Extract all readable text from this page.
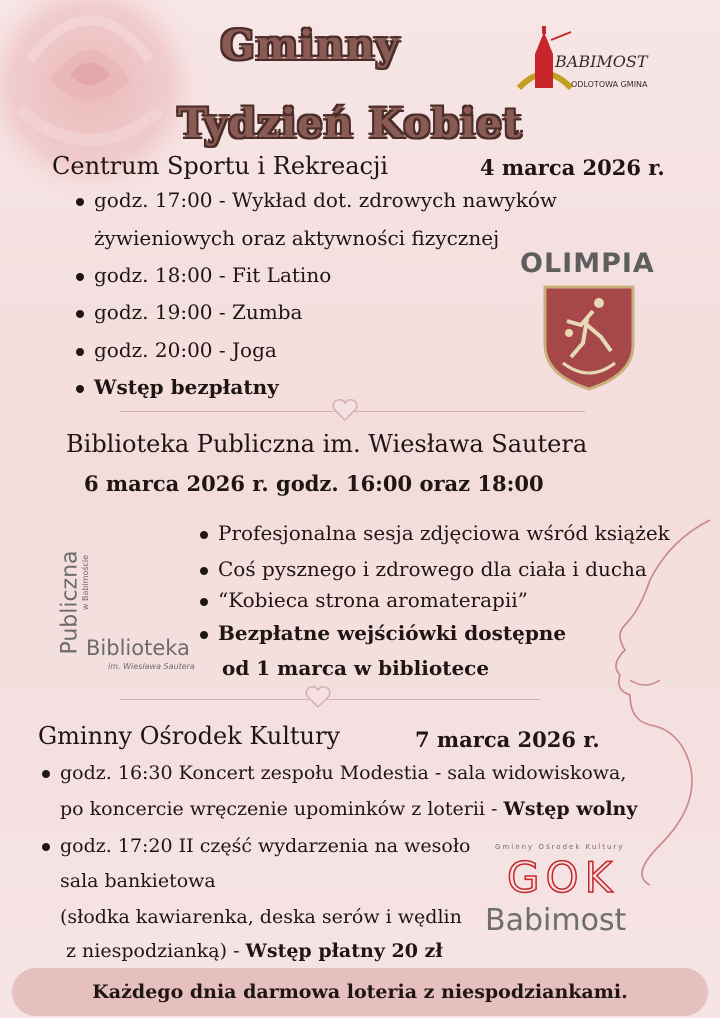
Gminny
Tydzień Kobiet
BABIMOST
ODLOTOWA GMINA
Centrum Sportu i Rekreacji	4 marca 2026 r.
godz. 17:00 - Wykład dot. zdrowych nawyków
żywieniowych oraz aktywności fizycznej
godz. 18:00 - Fit Latino
godz. 19:00 - Zumba
godz. 20:00 - Joga
Wstęp bezpłatny
OLIMPIA
Biblioteka Publiczna im. Wiesława Sautera
6 marca 2026 r. godz. 16:00 oraz 18:00
Profesjonalna sesja zdjęciowa wśród książek
Coś pysznego i zdrowego dla ciała i ducha
“Kobieca strona aromaterapii”
Bezpłatne wejściówki dostępne
od 1 marca w bibliotece
Publiczna
w Babimoście
Biblioteka
im. Wiesława Sautera
Gminny Ośrodek Kultury	7 marca 2026 r.
godz. 16:30 Koncert zespołu Modestia - sala widowiskowa,
po koncercie wręczenie upominków z loterii - Wstęp wolny
godz. 17:20 II część wydarzenia na wesoło
sala bankietowa
(słodka kawiarenka, deska serów i wędlin
z niespodzianką) - Wstęp płatny 20 zł
Gminny Ośrodek Kultury
GOK
Babimost
Każdego dnia darmowa loteria z niespodziankami.
